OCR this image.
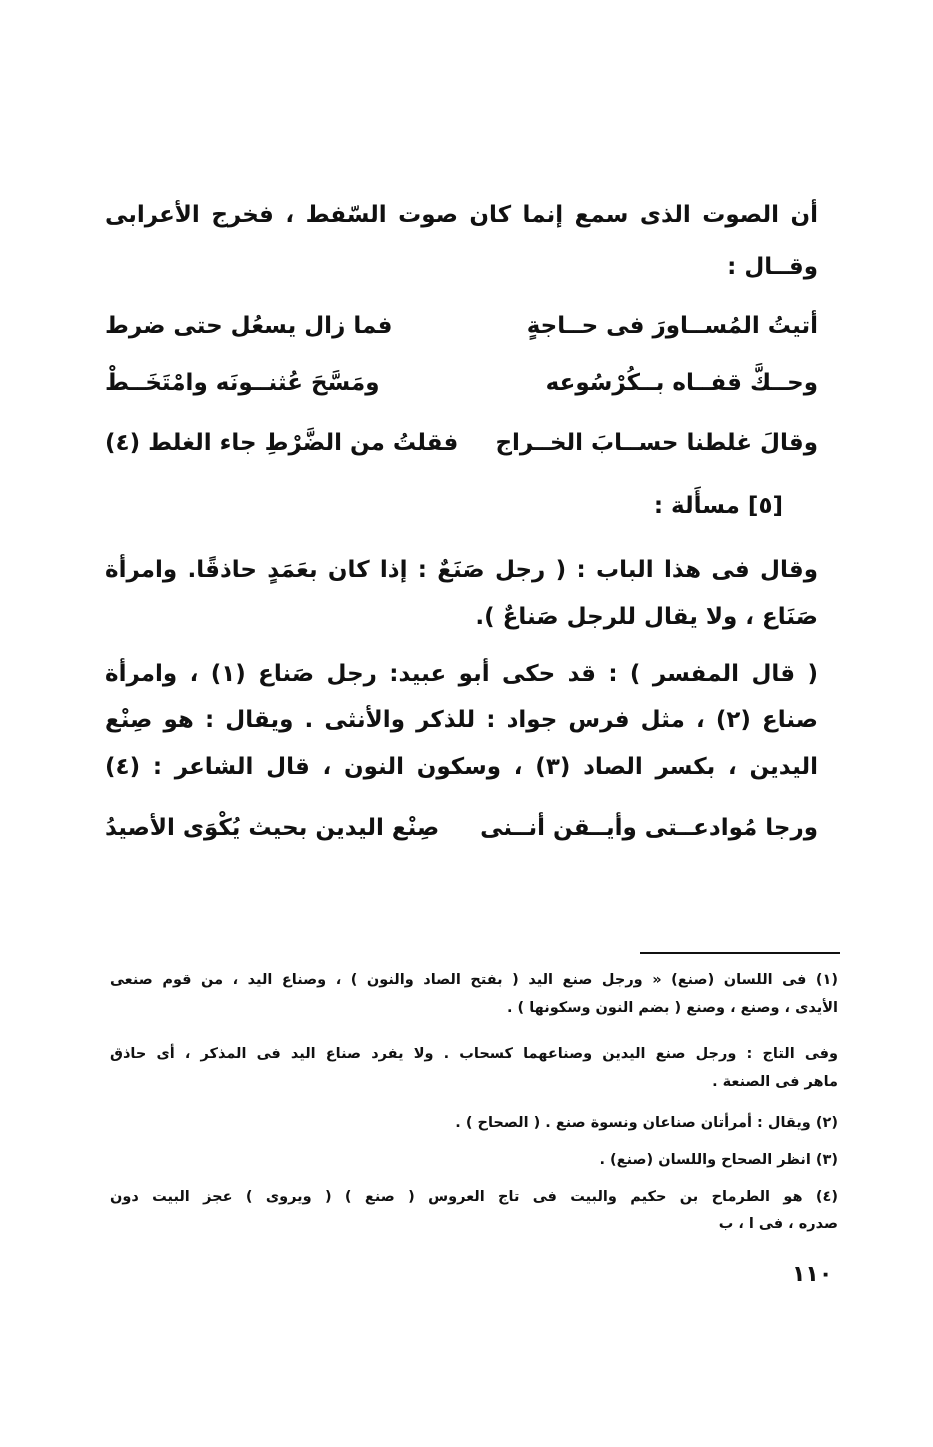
أن الصوت الذى سمع إنما كان صوت السّفط ، فخرج الأعرابى
وقــال :
أتيتُ المُســاورَ فى حــاجةٍ
فما زال يسعُل حتى ضرط
وحــكَّ قفــاه بــكُرْسُوعه
ومَسَّحَ عُثنــونَه وامْتَخَــطْ
وقالَ غلطنا حســابَ الخــراج
فقلتُ من الضَّرْطِ جاء الغلط (٤)
[٥] مسأَلة :
وقال فى هذا الباب : ( رجل صَنَعٌ : إذا كان بعَمَدٍ حاذقًا. وامرأة
صَنَاع ، ولا يقال للرجل صَناعٌ ).
( قال المفسر ) : قد حكى أبو عبيد: رجل صَناع (١) ، وامرأة
صناع (٢) ، مثل فرس جواد : للذكر والأنثى . ويقال : هو صِنْع
اليدين ، بكسر الصاد (٣) ، وسكون النون ، قال الشاعر : (٤)
ورجا مُوادعــتى وأيــقن أنــنى
صِنْع اليدين بحيث يُكْوَى الأصيدُ
(١) فى اللسان (صنع) « ورجل صنع اليد ( بفتح الصاد والنون ) ، وصناع اليد ، من قوم صنعى
الأيدى ، وصنع ، وصنع ( بضم النون وسكونها ) .
وفى التاج : ورجل صنع اليدين وصناعهما كسحاب . ولا يفرد صناع اليد فى المذكر ، أى حاذق
ماهر فى الصنعة .
(٢) ويقال : أمرأتان صناعان ونسوة صنع . ( الصحاح ) .
(٣) انظر الصحاح واللسان (صنع) .
(٤) هو الطرماح بن حكيم والبيت فى تاج العروس ( صنع ) ( ويروى ) عجز البيت دون
صدره ، فى ا ، ب
١١٠
